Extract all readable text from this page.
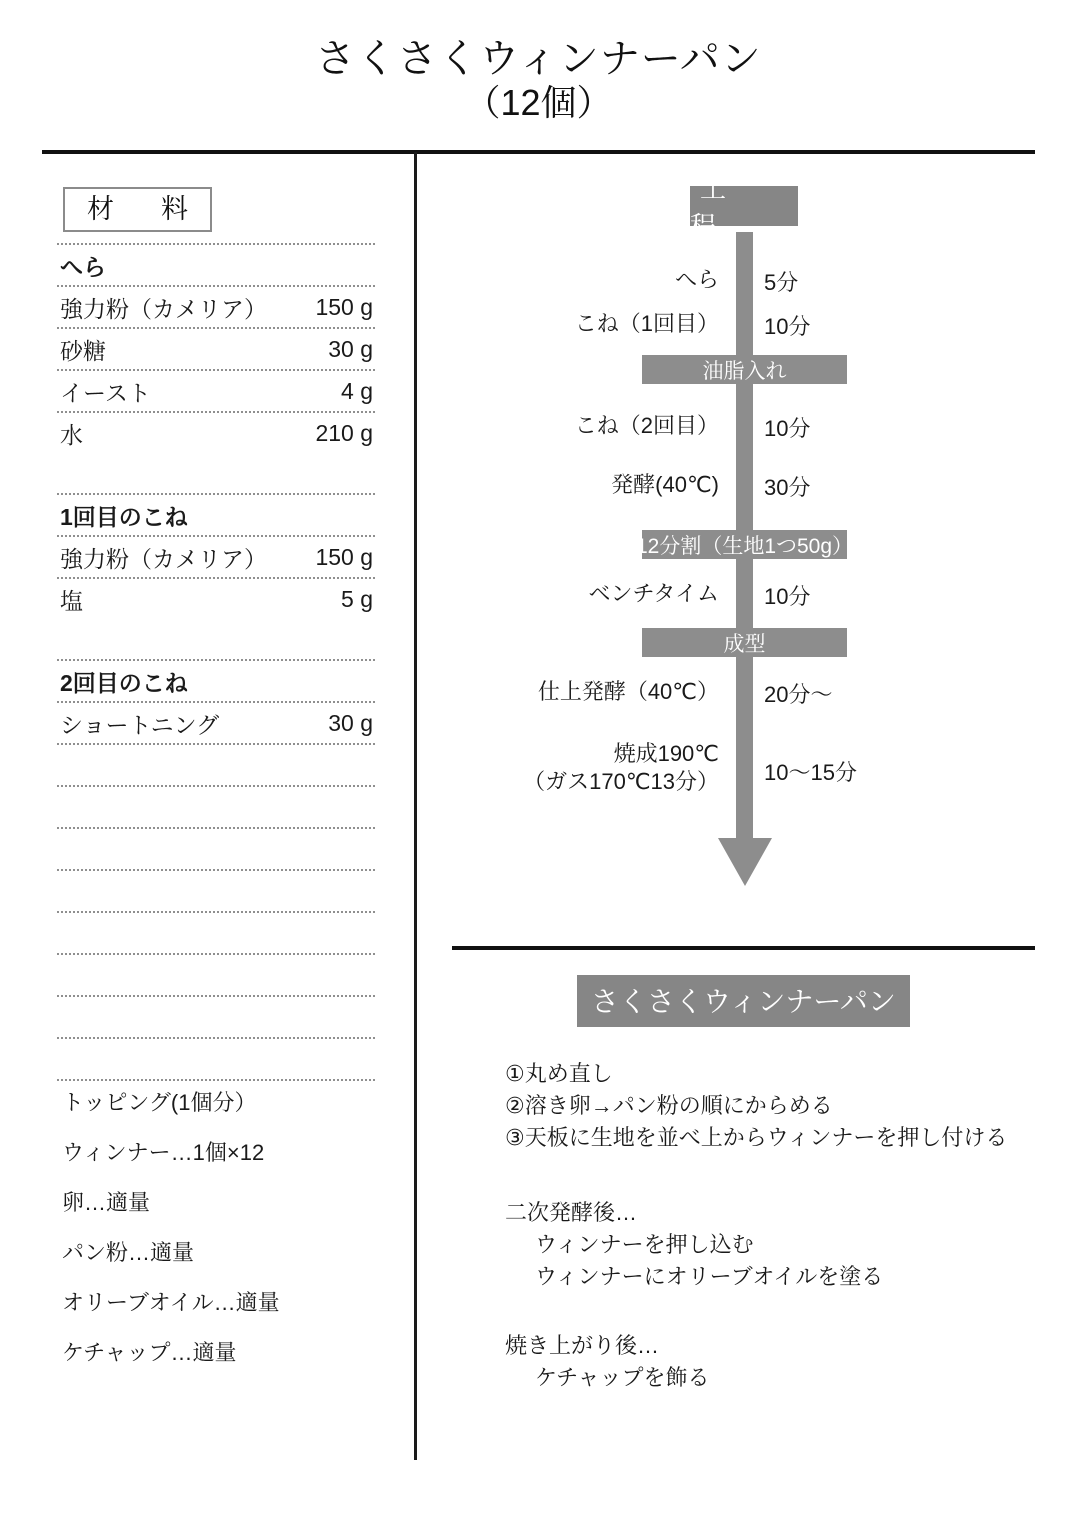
さくさくウィンナーパン
（12個）
材　料
へら
強力粉（カメリア） 150 g
砂糖	30 g
イースト	4 g
水	210 g
1回目のこね
強力粉（カメリア） 150 g
塩	5 g
2回目のこね
ショートニング	30 g
トッピング(1個分）
ウィンナー…1個×12
卵…適量
パン粉…適量
オリーブオイル…適量
ケチャップ…適量
工　程
へら 5分
こね（1回目） 10分
こね（2回目） 10分
発酵(40℃) 30分
ベンチタイム 10分
仕上発酵（40℃） 20分〜
焼成190℃
（ガス170℃13分） 10〜15分
油脂入れ
12分割（生地1つ50g）
成型
さくさくウィンナーパン
①丸め直し
②溶き卵→パン粉の順にからめる
③天板に生地を並べ上からウィンナーを押し付ける
二次発酵後…
ウィンナーを押し込む
ウィンナーにオリーブオイルを塗る
焼き上がり後…
ケチャップを飾る
